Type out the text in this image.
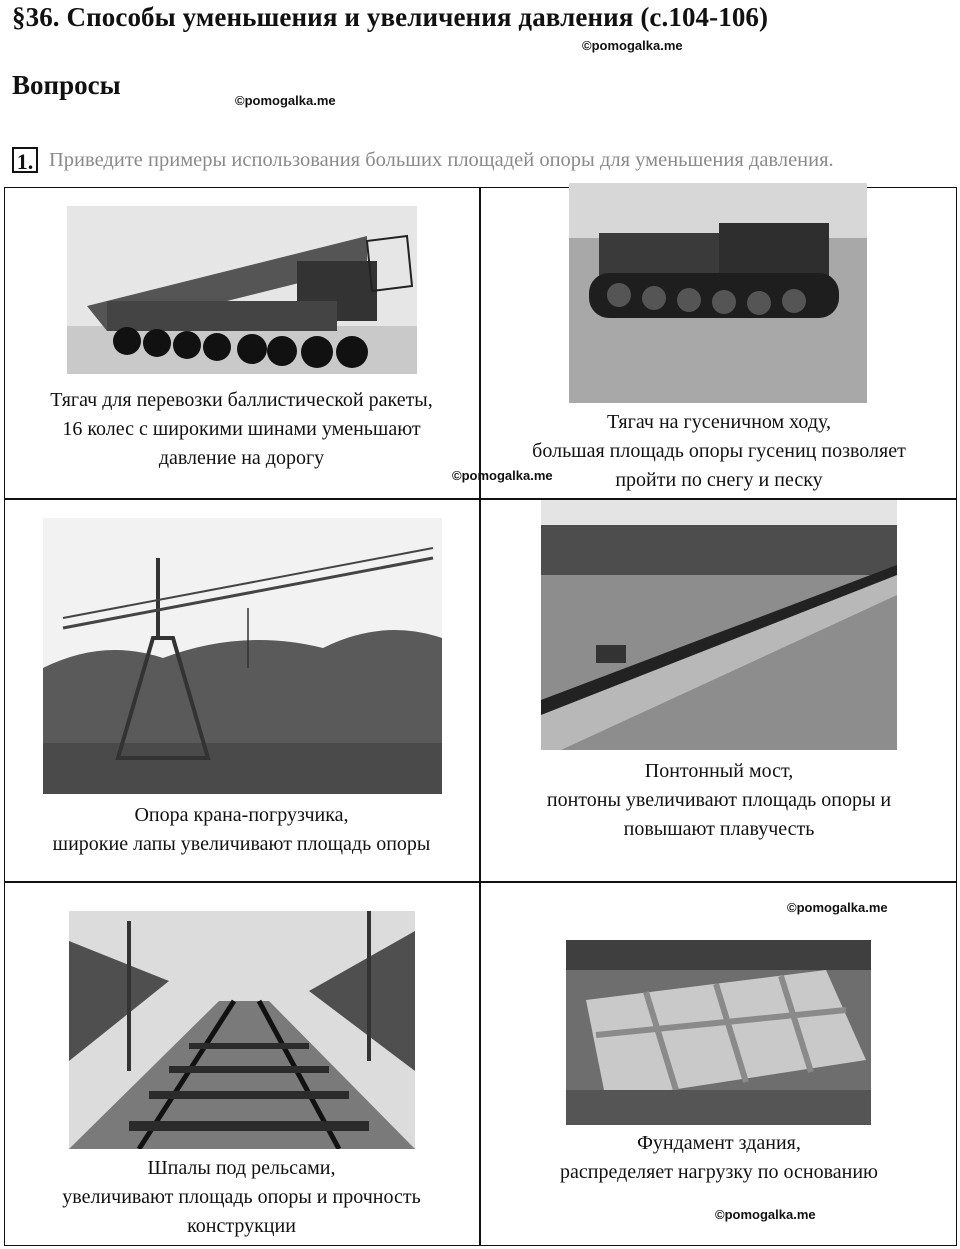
§36. Способы уменьшения и увеличения давления (с.104-106)
©pomogalka.me
Вопросы
©pomogalka.me
1. Приведите примеры использования больших площадей опоры для уменьшения давления.
Тягач для перевозки баллистической ракеты,
16 колес с широкими шинами уменьшают
давление на дорогу
©pomogalka.me
Тягач на гусеничном ходу,
большая площадь опоры гусениц позволяет
пройти по снегу и песку
Опора крана-погрузчика,
широкие лапы увеличивают площадь опоры
Понтонный мост,
понтоны увеличивают площадь опоры и
повышают плавучесть
Шпалы под рельсами,
увеличивают площадь опоры и прочность
конструкции
©pomogalka.me
Фундамент здания,
распределяет нагрузку по основанию
©pomogalka.me
